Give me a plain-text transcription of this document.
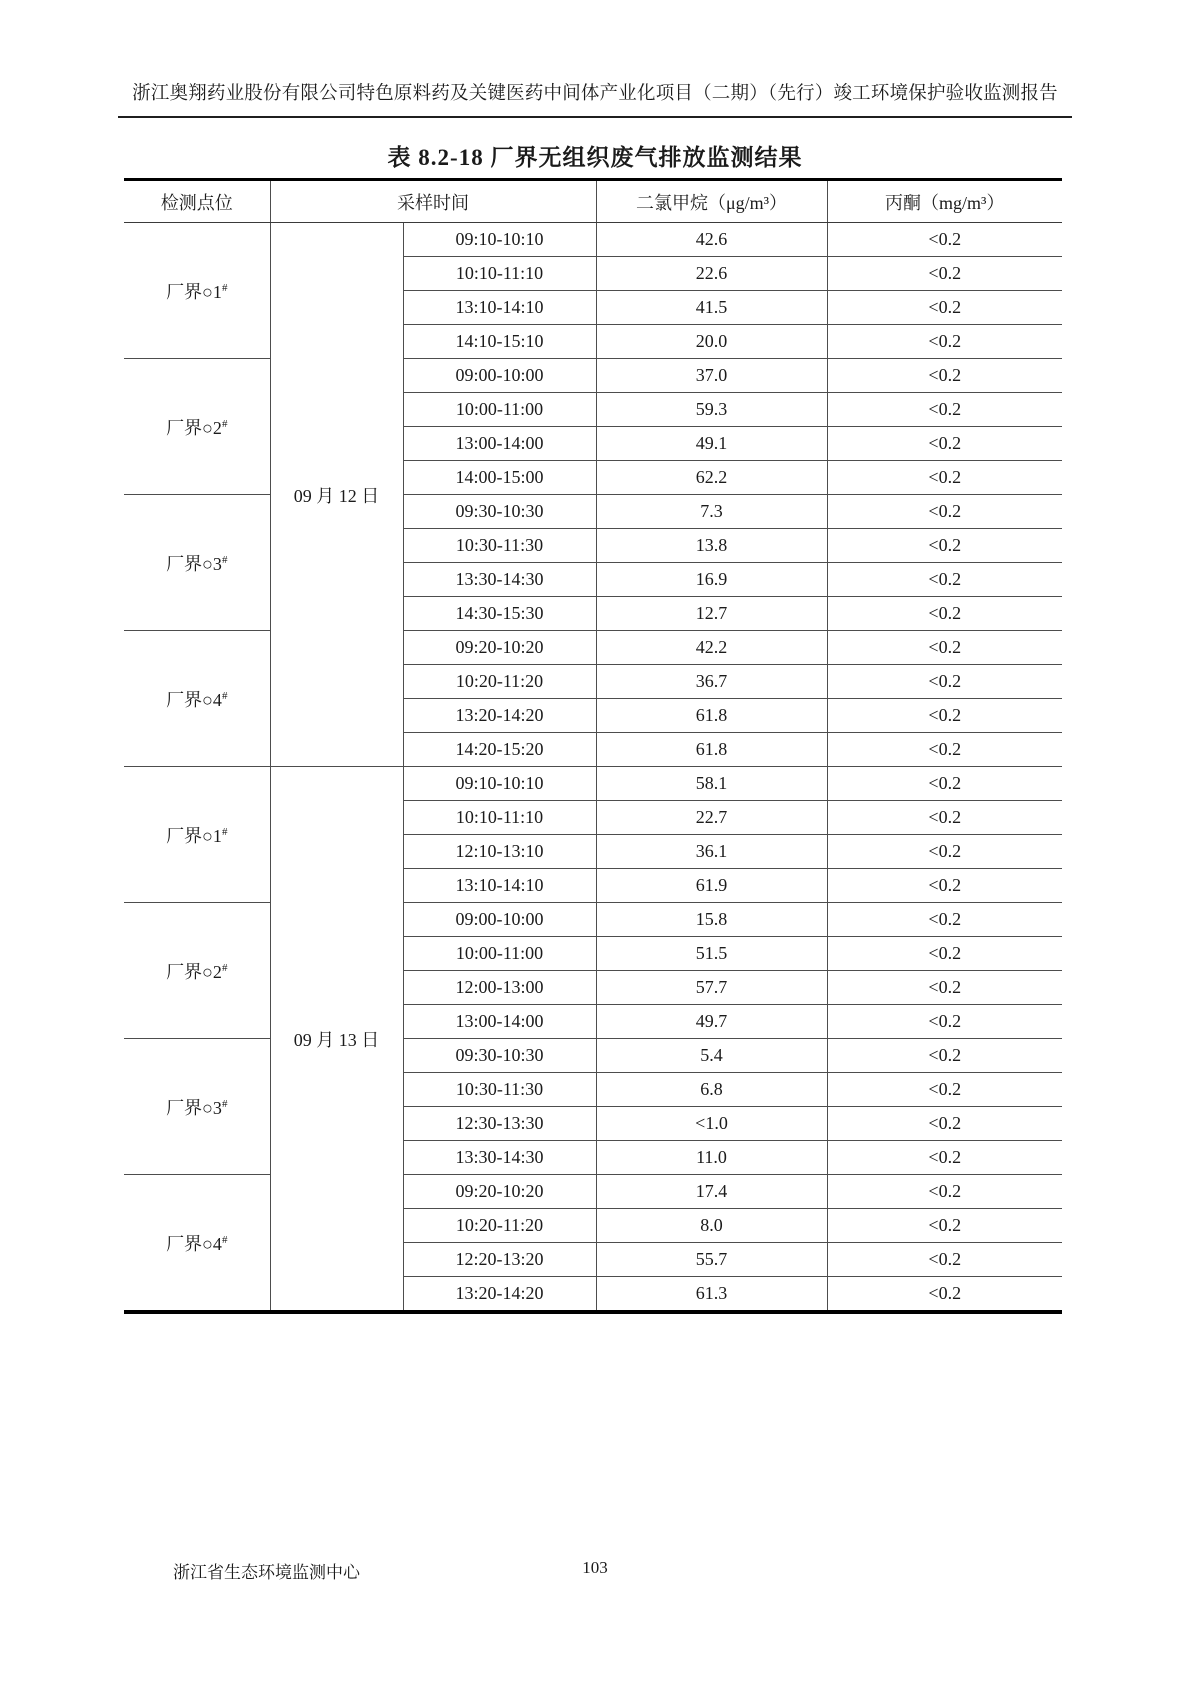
浙江奥翔药业股份有限公司特色原料药及关键医药中间体产业化项目（二期）（先行）竣工环境保护验收监测报告
表 8.2-18 厂界无组织废气排放监测结果
检测点位	采样时间		二氯甲烷（μg/m³）	丙酮（mg/m³）
厂界○1#	09 月 12 日	09:10-10:10	42.6	<0.2
		10:10-11:10	22.6	<0.2
		13:10-14:10	41.5	<0.2
		14:10-15:10	20.0	<0.2
厂界○2#		09:00-10:00	37.0	<0.2
		10:00-11:00	59.3	<0.2
		13:00-14:00	49.1	<0.2
		14:00-15:00	62.2	<0.2
厂界○3#		09:30-10:30	7.3	<0.2
		10:30-11:30	13.8	<0.2
		13:30-14:30	16.9	<0.2
		14:30-15:30	12.7	<0.2
厂界○4#		09:20-10:20	42.2	<0.2
		10:20-11:20	36.7	<0.2
		13:20-14:20	61.8	<0.2
		14:20-15:20	61.8	<0.2
厂界○1#	09 月 13 日	09:10-10:10	58.1	<0.2
		10:10-11:10	22.7	<0.2
		12:10-13:10	36.1	<0.2
		13:10-14:10	61.9	<0.2
厂界○2#		09:00-10:00	15.8	<0.2
		10:00-11:00	51.5	<0.2
		12:00-13:00	57.7	<0.2
		13:00-14:00	49.7	<0.2
厂界○3#		09:30-10:30	5.4	<0.2
		10:30-11:30	6.8	<0.2
		12:30-13:30	<1.0	<0.2
		13:30-14:30	11.0	<0.2
厂界○4#		09:20-10:20	17.4	<0.2
		10:20-11:20	8.0	<0.2
		12:20-13:20	55.7	<0.2
		13:20-14:20	61.3	<0.2
浙江省生态环境监测中心	103
